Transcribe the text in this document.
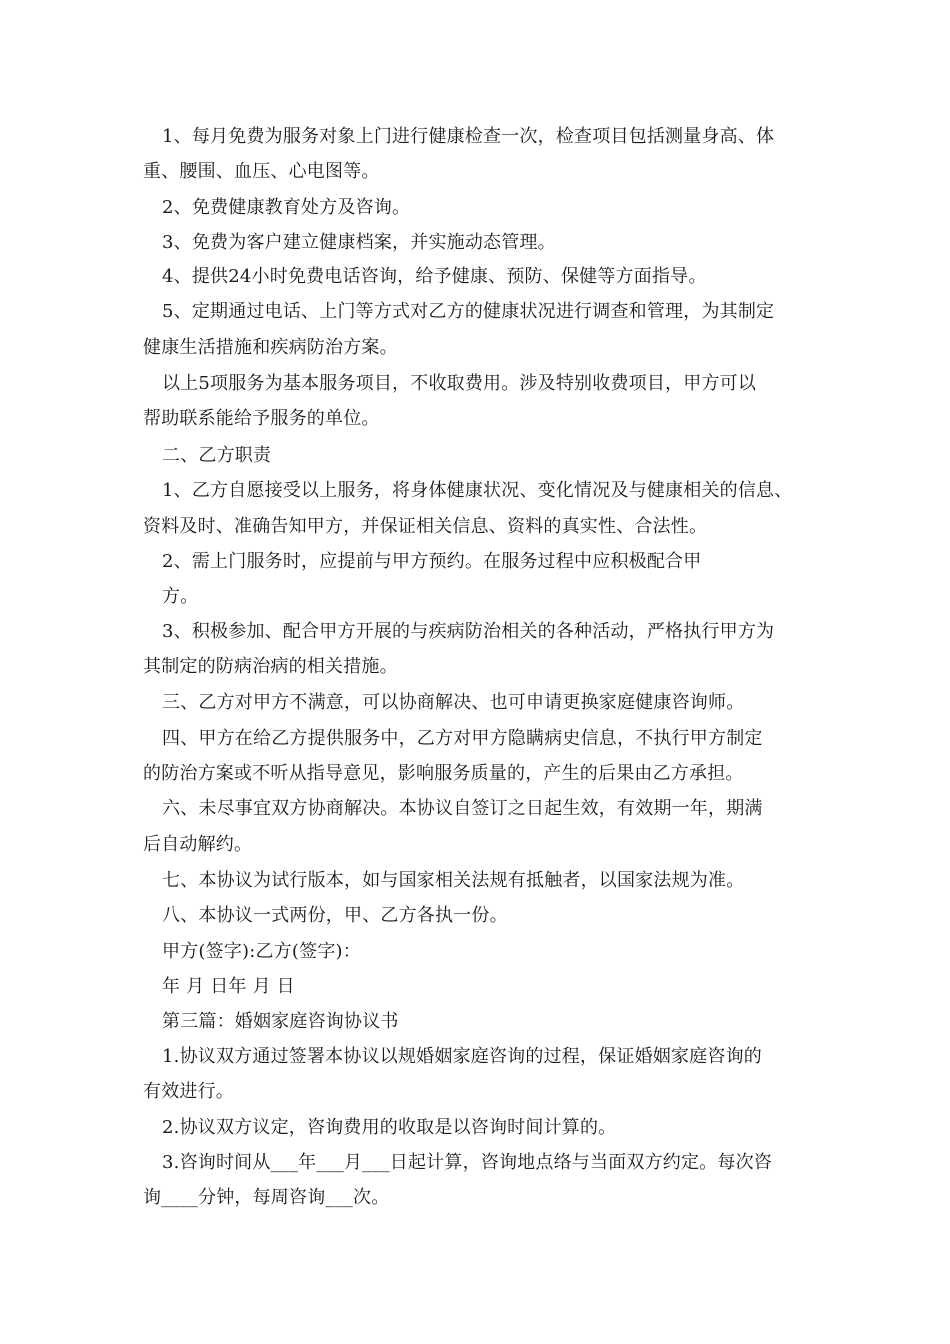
1、每月免费为服务对象上门进行健康检查一次，检查项目包括测量身高、体
重、腰围、血压、心电图等。
2、免费健康教育处方及咨询。
3、免费为客户建立健康档案，并实施动态管理。
4、提供24小时免费电话咨询，给予健康、预防、保健等方面指导。
5、定期通过电话、上门等方式对乙方的健康状况进行调查和管理，为其制定
健康生活措施和疾病防治方案。
以上5项服务为基本服务项目，不收取费用。涉及特别收费项目，甲方可以
帮助联系能给予服务的单位。
二、乙方职责
1、乙方自愿接受以上服务，将身体健康状况、变化情况及与健康相关的信息、
资料及时、准确告知甲方，并保证相关信息、资料的真实性、合法性。
2、需上门服务时，应提前与甲方预约。在服务过程中应积极配合甲
方。
3、积极参加、配合甲方开展的与疾病防治相关的各种活动，严格执行甲方为
其制定的防病治病的相关措施。
三、乙方对甲方不满意，可以协商解决、也可申请更换家庭健康咨询师。
四、甲方在给乙方提供服务中，乙方对甲方隐瞒病史信息，不执行甲方制定
的防治方案或不听从指导意见，影响服务质量的，产生的后果由乙方承担。
六、未尽事宜双方协商解决。本协议自签订之日起生效，有效期一年，期满
后自动解约。
七、本协议为试行版本，如与国家相关法规有抵触者，以国家法规为准。
八、本协议一式两份，甲、乙方各执一份。
甲方(签字):乙方(签字)：
年 月 日年 月 日
第三篇：婚姻家庭咨询协议书
1.协议双方通过签署本协议以规婚姻家庭咨询的过程，保证婚姻家庭咨询的
有效进行。
2.协议双方议定，咨询费用的收取是以咨询时间计算的。
3.咨询时间从___年___月___日起计算，咨询地点络与当面双方约定。每次咨
询____分钟，每周咨询___次。
